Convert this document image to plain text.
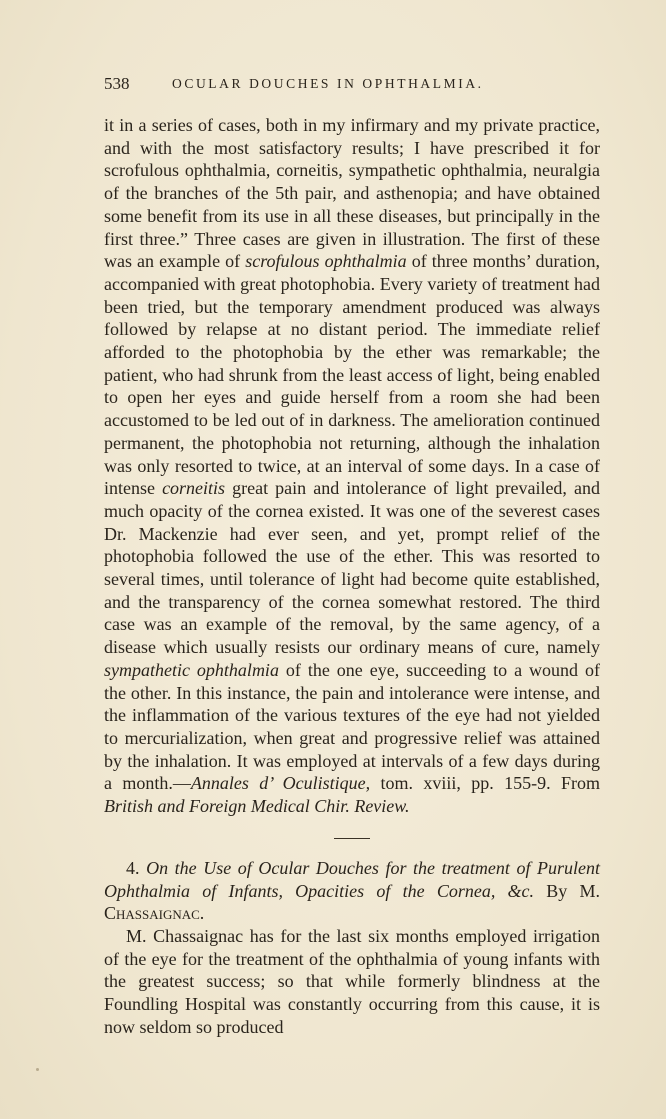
538	OCULAR DOUCHES IN OPHTHALMIA.

it in a series of cases, both in my infirmary and my private practice, and with the most satisfactory results; I have prescribed it for scrofulous ophthalmia, corneitis, sympathetic ophthalmia, neuralgia of the branches of the 5th pair, and asthenopia; and have obtained some benefit from its use in all these diseases, but principally in the first three.” Three cases are given in illustration. The first of these was an example of scrofulous ophthalmia of three months’ duration, accompanied with great photophobia. Every variety of treatment had been tried, but the temporary amendment produced was always followed by relapse at no distant period. The immediate relief afforded to the photophobia by the ether was remarkable; the patient, who had shrunk from the least access of light, being enabled to open her eyes and guide herself from a room she had been accustomed to be led out of in darkness. The amelioration continued permanent, the photophobia not returning, although the inhalation was only resorted to twice, at an interval of some days. In a case of intense corneitis great pain and intolerance of light prevailed, and much opacity of the cornea existed. It was one of the severest cases Dr. Mackenzie had ever seen, and yet, prompt relief of the photophobia followed the use of the ether. This was resorted to several times, until tolerance of light had become quite established, and the transparency of the cornea somewhat restored. The third case was an example of the removal, by the same agency, of a disease which usually resists our ordinary means of cure, namely sympathetic ophthalmia of the one eye, succeeding to a wound of the other. In this instance, the pain and intolerance were intense, and the inflammation of the various textures of the eye had not yielded to mercurialization, when great and progressive relief was attained by the inhalation. It was employed at intervals of a few days during a month.—Annales d’ Oculistique, tom. xviii, pp. 155-9. From British and Foreign Medical Chir. Review.

4. On the Use of Ocular Douches for the treatment of Purulent Ophthalmia of Infants, Opacities of the Cornea, &c. By M. Chassaignac.

M. Chassaignac has for the last six months employed irrigation of the eye for the treatment of the ophthalmia of young infants with the greatest success; so that while formerly blindness at the Foundling Hospital was constantly occurring from this cause, it is now seldom so produced
